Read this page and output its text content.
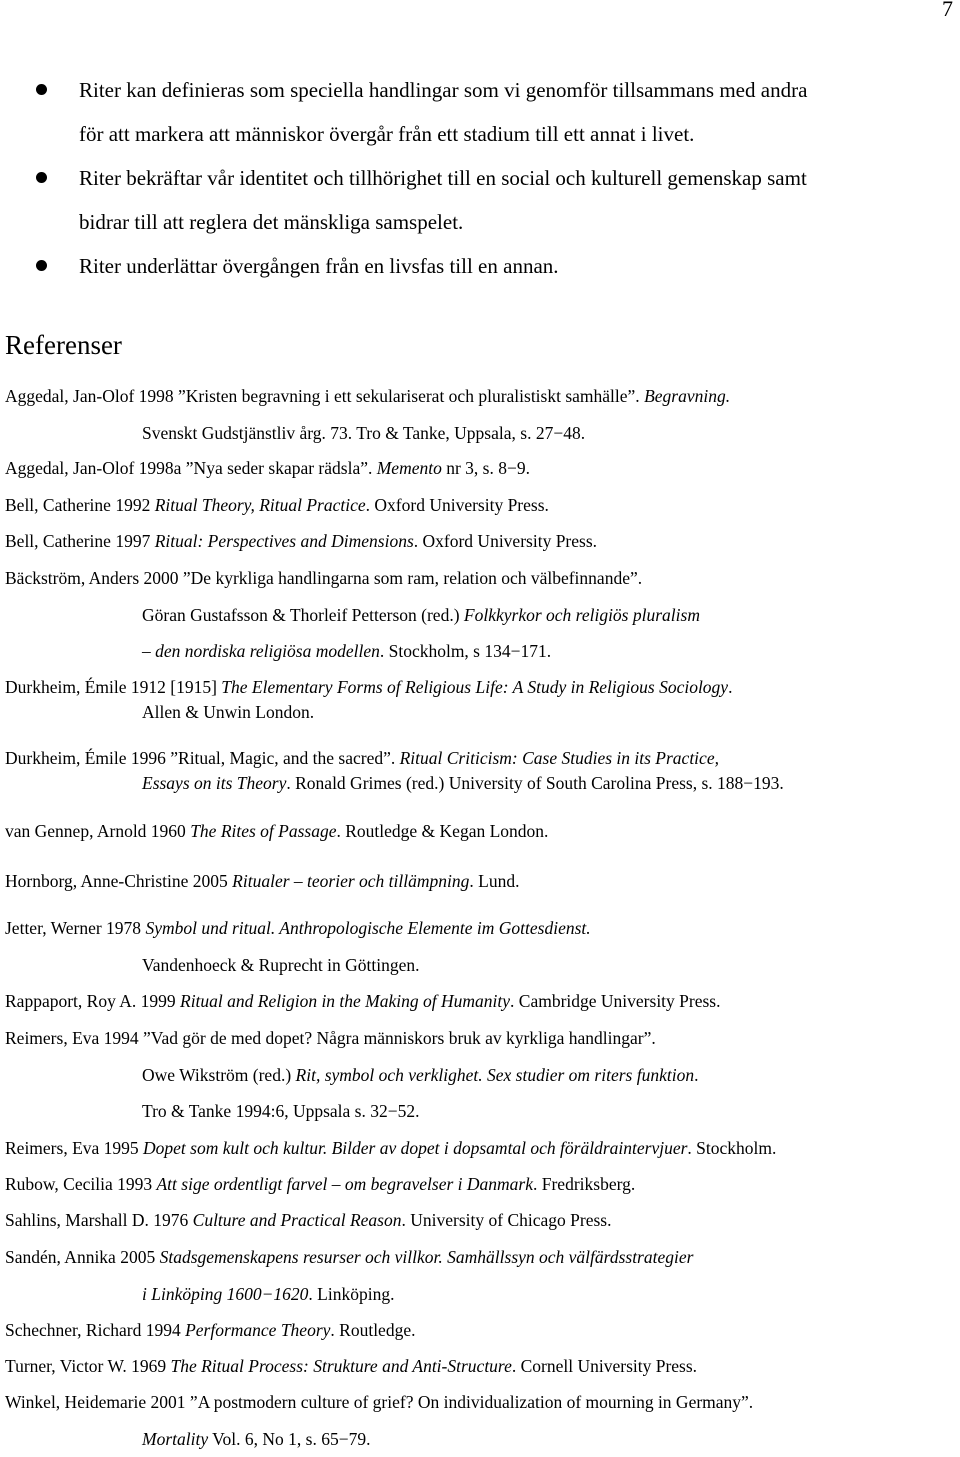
7
Riter kan definieras som speciella handlingar som vi genomför tillsammans med andra
för att markera att människor övergår från ett stadium till ett annat i livet.
Riter bekräftar vår identitet och tillhörighet till en social och kulturell gemenskap samt
bidrar till att reglera det mänskliga samspelet.
Riter underlättar övergången från en livsfas till en annan.
Referenser
Aggedal, Jan-Olof 1998 ”Kristen begravning i ett sekulariserat och pluralistiskt samhälle”. Begravning.
Svenskt Gudstjänstliv årg. 73. Tro & Tanke, Uppsala, s. 27−48.
Aggedal, Jan-Olof 1998a ”Nya seder skapar rädsla”. Memento nr 3, s. 8−9.
Bell, Catherine 1992 Ritual Theory, Ritual Practice. Oxford University Press.
Bell, Catherine 1997 Ritual: Perspectives and Dimensions. Oxford University Press.
Bäckström, Anders 2000 ”De kyrkliga handlingarna som ram, relation och välbefinnande”.
Göran Gustafsson & Thorleif Petterson (red.) Folkkyrkor och religiös pluralism
– den nordiska religiösa modellen. Stockholm, s 134−171.
Durkheim, Émile 1912 [1915] The Elementary Forms of Religious Life: A Study in Religious Sociology.
Allen & Unwin London.
Durkheim, Émile 1996 ”Ritual, Magic, and the sacred”. Ritual Criticism: Case Studies in its Practice,
Essays on its Theory. Ronald Grimes (red.) University of South Carolina Press, s. 188−193.
van Gennep, Arnold 1960 The Rites of Passage. Routledge & Kegan London.
Hornborg, Anne-Christine 2005 Ritualer – teorier och tillämpning. Lund.
Jetter, Werner 1978 Symbol und ritual. Anthropologische Elemente im Gottesdienst.
Vandenhoeck & Ruprecht in Göttingen.
Rappaport, Roy A. 1999 Ritual and Religion in the Making of Humanity. Cambridge University Press.
Reimers, Eva 1994 ”Vad gör de med dopet? Några människors bruk av kyrkliga handlingar”.
Owe Wikström (red.) Rit, symbol och verklighet. Sex studier om riters funktion.
Tro & Tanke 1994:6, Uppsala s. 32−52.
Reimers, Eva 1995 Dopet som kult och kultur. Bilder av dopet i dopsamtal och föräldraintervjuer. Stockholm.
Rubow, Cecilia 1993 Att sige ordentligt farvel – om begravelser i Danmark. Fredriksberg.
Sahlins, Marshall D. 1976 Culture and Practical Reason. University of Chicago Press.
Sandén, Annika 2005 Stadsgemenskapens resurser och villkor. Samhällssyn och välfärdsstrategier
i Linköping 1600−1620. Linköping.
Schechner, Richard 1994 Performance Theory. Routledge.
Turner, Victor W. 1969 The Ritual Process: Strukture and Anti-Structure. Cornell University Press.
Winkel, Heidemarie 2001 ”A postmodern culture of grief? On individualization of mourning in Germany”.
Mortality Vol. 6, No 1, s. 65−79.
